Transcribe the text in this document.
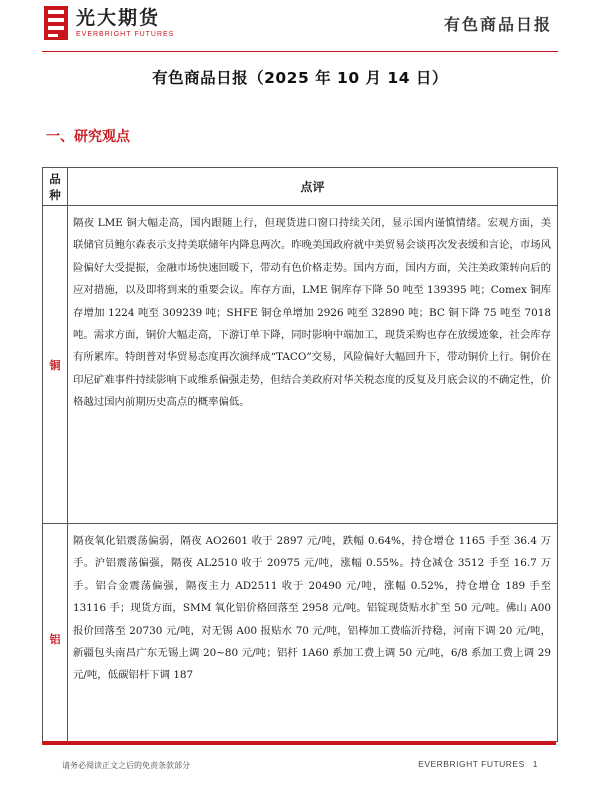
光大期货
EVERBRIGHT FUTURES	有色商品日报
有色商品日报（2025 年 10 月 14 日）
一、研究观点
品
种
点评
铜
隔夜 LME 铜大幅走高，国内跟随上行，但现货进口窗口持续关闭，显示国内谨慎情绪。宏观方面，美联储官员鲍尔森表示支持美联储年内降息两次。昨晚美国政府就中美贸易会谈再次发表缓和言论，市场风险偏好大受提振，金融市场快速回暖下，带动有色价格走势。国内方面，国内方面，关注美政策转向后的应对措施，以及即将到来的重要会议。库存方面，LME 铜库存下降 50 吨至 139395 吨；Comex 铜库存增加 1224 吨至 309239 吨；SHFE 铜仓单增加 2926 吨至 32890 吨；BC 铜下降 75 吨至 7018 吨。需求方面，铜价大幅走高，下游订单下降，同时影响中端加工，现货采购也存在放缓迹象，社会库存有所累库。特朗普对华贸易态度再次演绎成“TACO”交易，风险偏好大幅回升下，带动铜价上行。铜价在印尼矿难事件持续影响下或维系偏强走势，但结合美政府对华关税态度的反复及月底会议的不确定性，价格越过国内前期历史高点的概率偏低。
铝
隔夜氧化铝震荡偏弱，隔夜 AO2601 收于 2897 元/吨，跌幅 0.64%，持仓增仓 1165 手至 36.4 万手。沪铝震荡偏强，隔夜 AL2510 收于 20975 元/吨，涨幅 0.55%。持仓减仓 3512 手至 16.7 万手。铝合金震荡偏强，隔夜主力 AD2511 收于 20490 元/吨，涨幅 0.52%，持仓增仓 189 手至 13116 手；现货方面，SMM 氧化铝价格回落至 2958 元/吨。铝锭现货贴水扩至 50 元/吨。佛山 A00 报价回落至 20730 元/吨，对无锡 A00 报贴水 70 元/吨，铝棒加工费临沂持稳，河南下调 20 元/吨，新疆包头南昌广东无锡上调 20~80 元/吨；铝杆 1A60 系加工费上调 50 元/吨，6/8 系加工费上调 29 元/吨，低碳铝杆下调 187
请务必阅读正文之后的免责条款部分	EVERBRIGHT FUTURES 1
